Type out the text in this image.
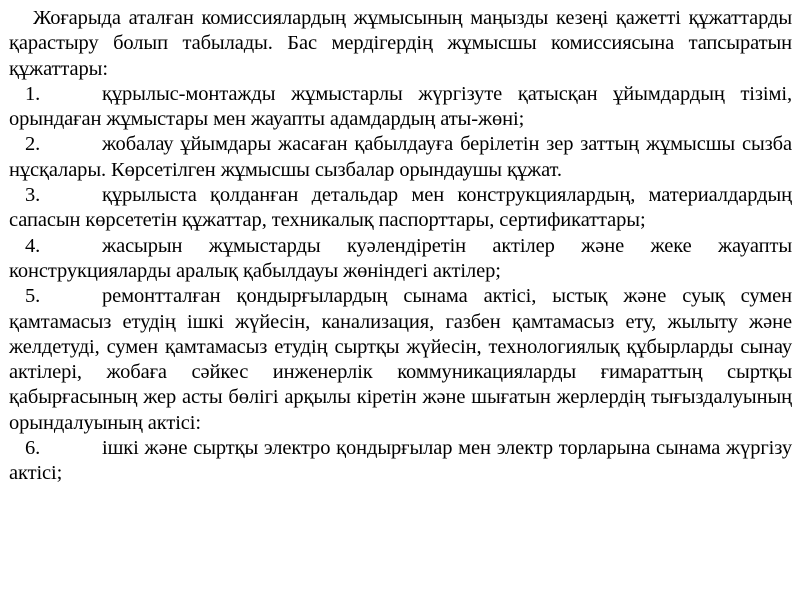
Жоғарыда аталған комиссиялардың жұмысының маңызды кезеңі қажетті құжаттарды қарастыру болып табылады. Бас мердігердің жұмысшы комиссиясына тапсыратын құжаттары:

1.	құрылыс-монтажды жұмыстарлы жүргізуте қатысқан ұйымдардың тізімі, орындаған жұмыстары мен жауапты адамдардың аты-жөні;

2.	жобалау ұйымдары жасаған қабылдауға берілетін зер заттың жұмысшы сызба нұсқалары. Көрсетілген жұмысшы сызбалар орындаушы құжат.

3.	құрылыста қолданған детальдар мен конструкциялардың, материалдардың сапасын көрсететін құжаттар, техникалық паспорттары, сертификаттары;

4.	жасырын жұмыстарды куәлендіретін актілер және жеке жауапты конструкцияларды аралық қабылдауы жөніндегі актілер;

5.	ремонтталған қондырғылардың сынама актісі, ыстық және суық сумен қамтамасыз етудің ішкі жүйесін, канализация, газбен қамтамасыз ету, жылыту және желдетуді, сумен қамтамасыз етудің сыртқы жүйесін, технологиялық құбырларды сынау актілері, жобаға сәйкес инженерлік коммуникацияларды ғимараттың сыртқы қабырғасының жер асты бөлігі арқылы кіретін және шығатын жерлердің тығыздалуының орындалуының актісі:

6.	ішкі және сыртқы электро қондырғылар мен электр торларына сынама жүргізу актісі;
